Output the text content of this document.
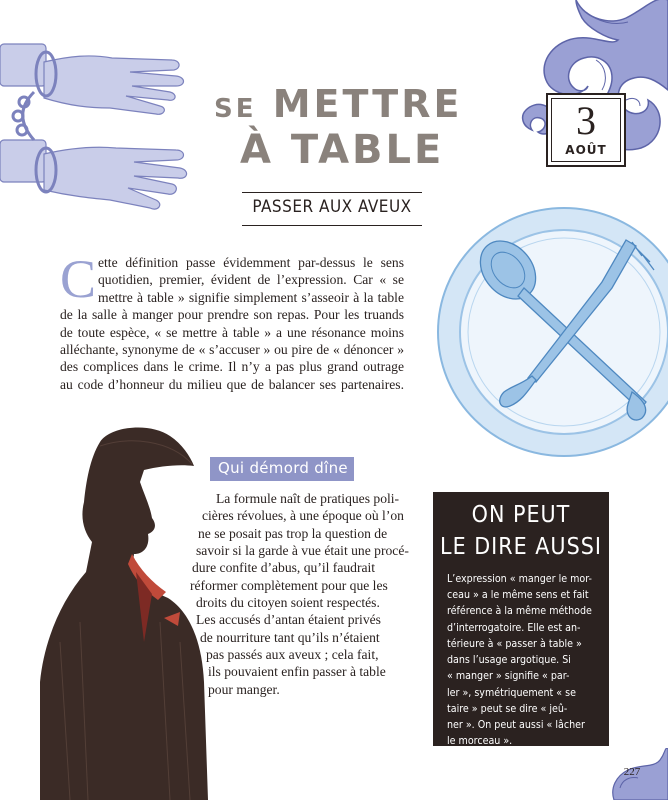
SE METTRE
À TABLE
3
AOÛT
PASSER AUX AVEUX
C ette définition passe évidemment par-dessus le sens
quotidien, premier, évident de l’expression. Car « se
mettre à table » signifie simplement s’asseoir à la table
de la salle à manger pour prendre son repas. Pour les truands
de toute espèce, « se mettre à table » a une résonance moins
alléchante, synonyme de « s’accuser » ou pire de « dénoncer »
des complices dans le crime. Il n’y a pas plus grand outrage
au code d’honneur du milieu que de balancer ses partenaires.
Qui démord dîne
La formule naît de pratiques poli-
cières révolues, à une époque où l’on
ne se posait pas trop la question de
savoir si la garde à vue était une procé-
dure confite d’abus, qu’il faudrait
réformer complètement pour que les
droits du citoyen soient respectés.
Les accusés d’antan étaient privés
de nourriture tant qu’ils n’étaient
pas passés aux aveux ; cela fait,
ils pouvaient enfin passer à table
pour manger.
ON PEUT
LE DIRE AUSSI
L’expression « manger le mor-
ceau » a le même sens et fait
référence à la même méthode
d’interrogatoire. Elle est an-
térieure à « passer à table »
dans l’usage argotique. Si
« manger » signifie « par-
ler », symétriquement « se
taire » peut se dire « jeû-
ner ». On peut aussi « lâcher
le morceau ».
227
